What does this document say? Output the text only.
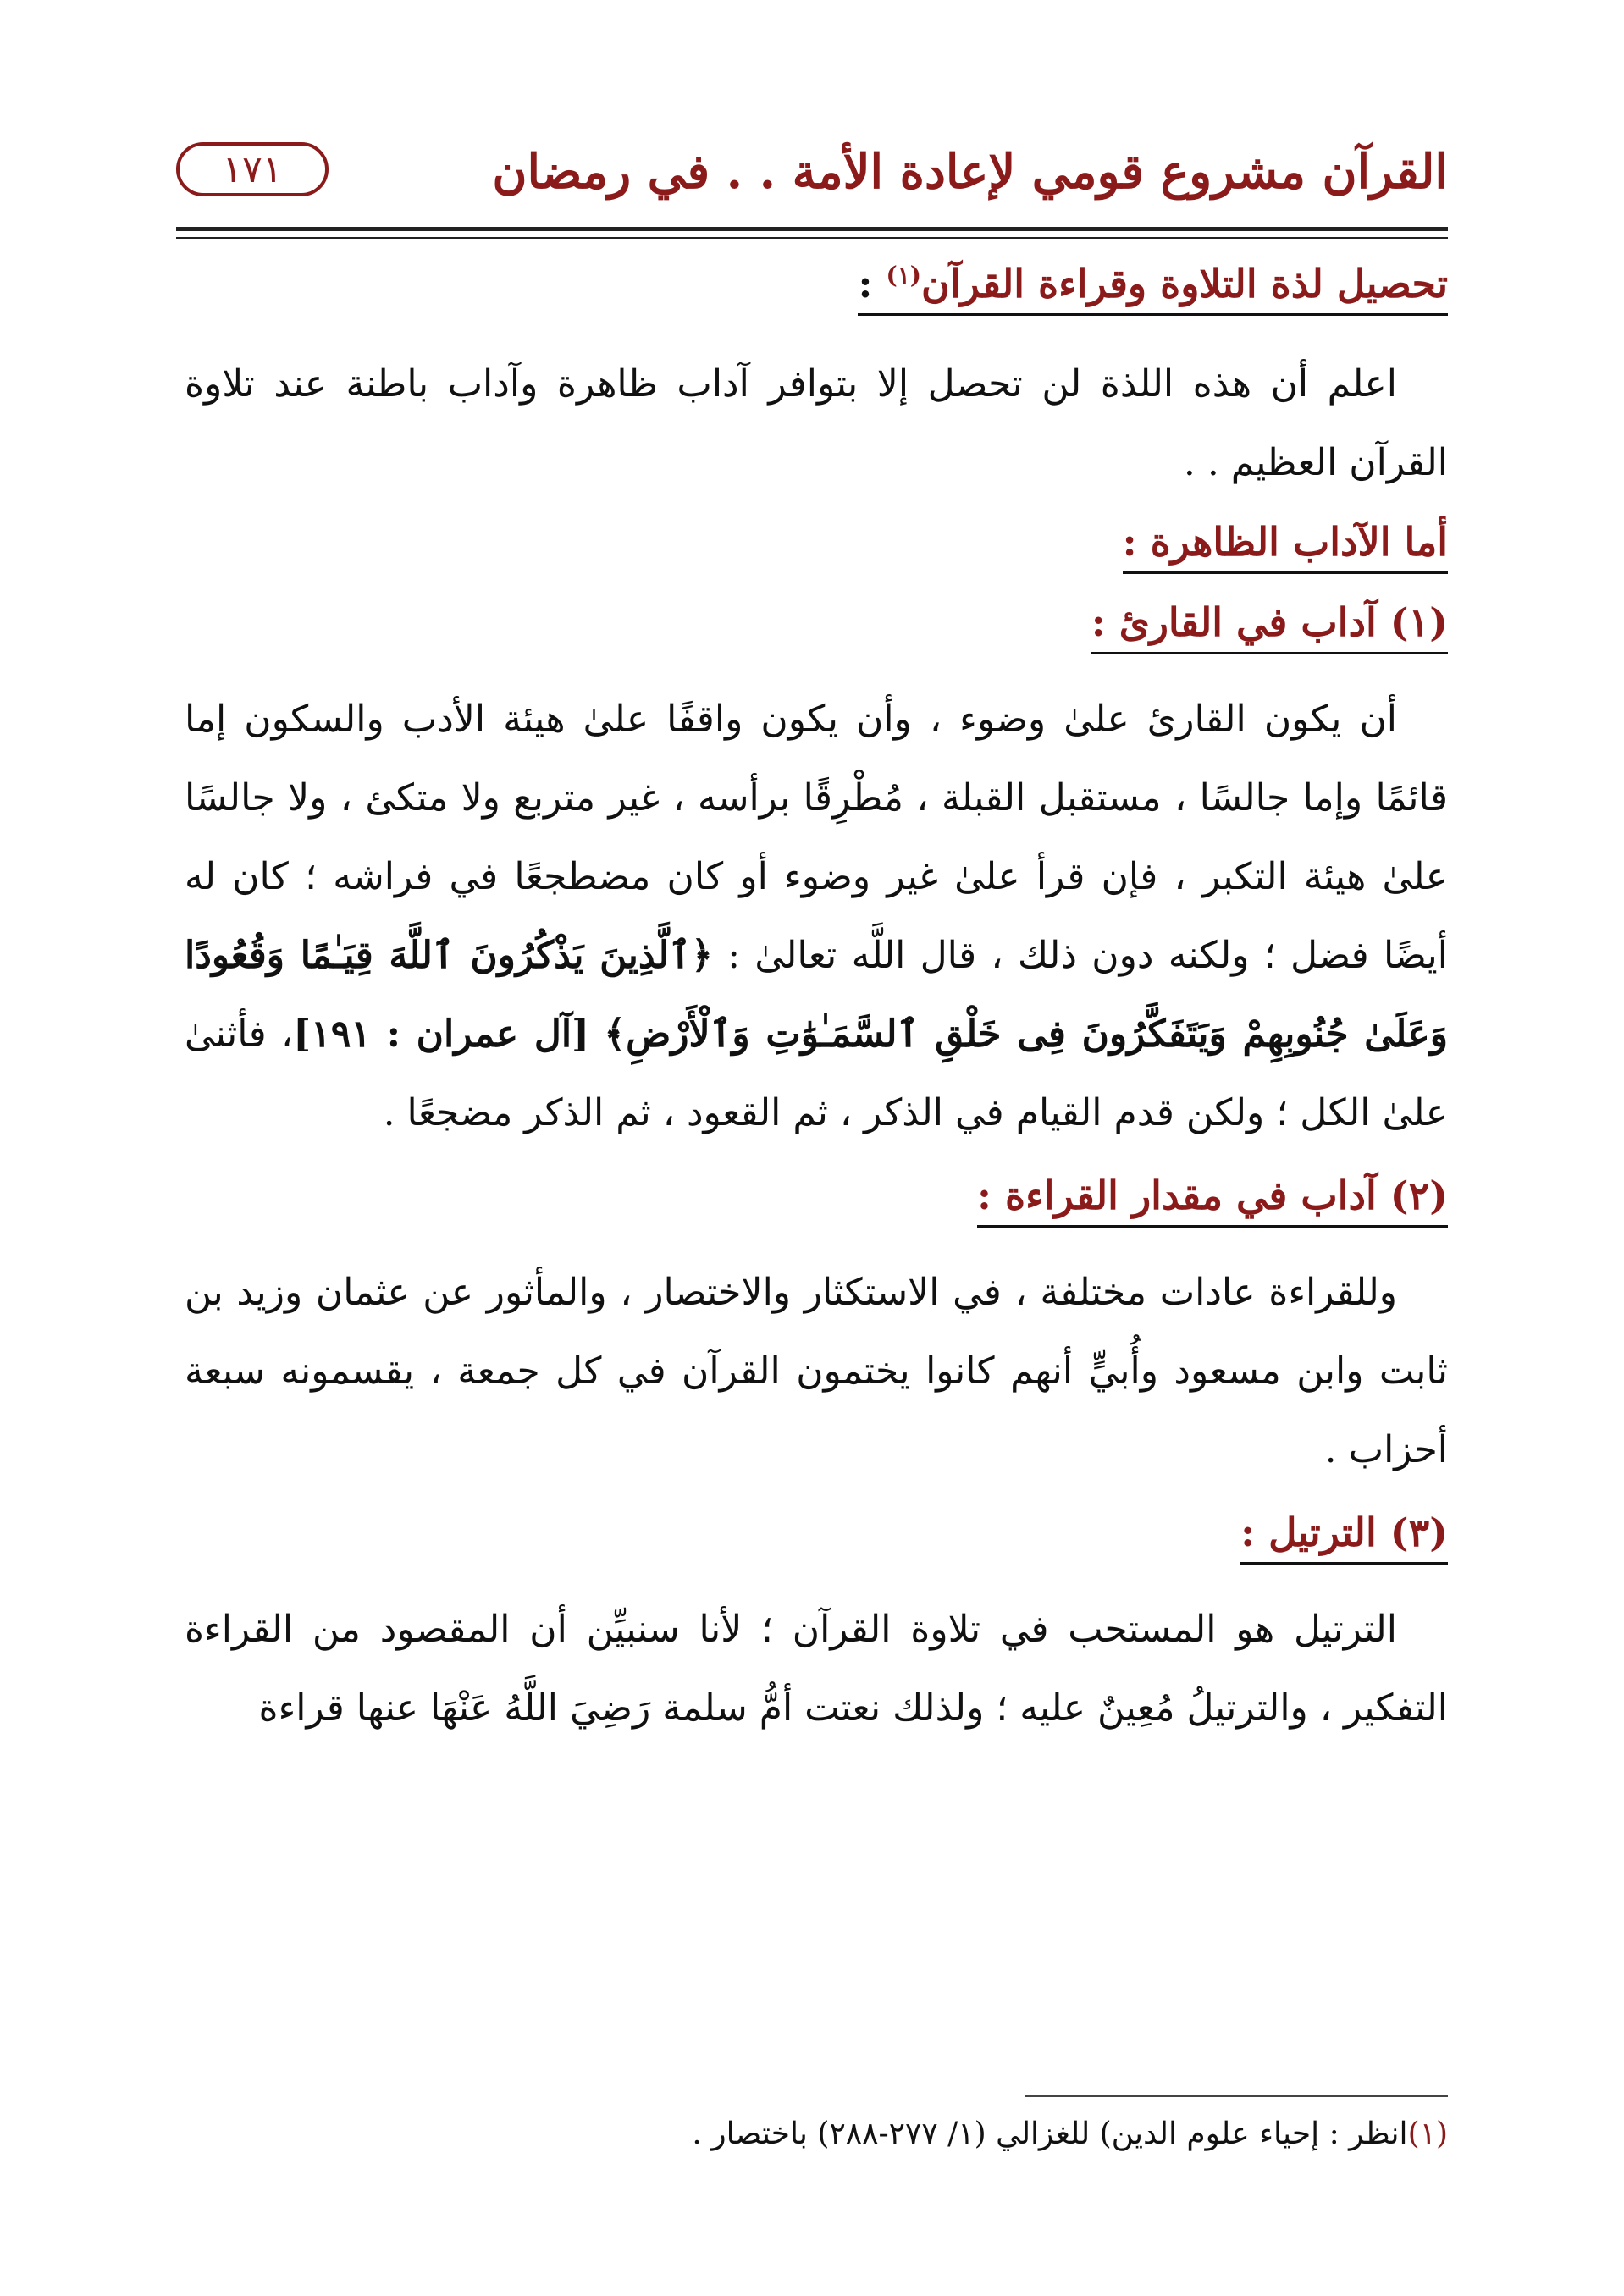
القرآن مشروع قومي لإعادة الأمة . . في رمضان
١٧١
تحصيل لذة التلاوة وقراءة القرآن$^{(١)}$ :

اعلم أن هذه اللذة لن تحصل إلا بتوافر آداب ظاهرة وآداب باطنة عند تلاوة القرآن العظيم . .

أما الآداب الظاهرة :
(١) آداب في القارئ :

أن يكون القارئ علىٰ وضوء ، وأن يكون واقفًا علىٰ هيئة الأدب والسكون إما قائمًا وإما جالسًا ، مستقبل القبلة ، مُطْرِقًا برأسه ، غير متربع ولا متكئ ، ولا جالسًا علىٰ هيئة التكبر ، فإن قرأ علىٰ غير وضوء أو كان مضطجعًا في فراشه ؛ كان له أيضًا فضل ؛ ولكنه دون ذلك ، قال اللَّه تعالىٰ : ﴿ٱلَّذِينَ يَذْكُرُونَ ٱللَّهَ قِيَـٰمًا وَقُعُودًا وَعَلَىٰ جُنُوبِهِمْ وَيَتَفَكَّرُونَ فِى خَلْقِ ٱلسَّمَـٰوَٰتِ وَٱلْأَرْضِ﴾ [آل عمران : ١٩١]، فأثنىٰ علىٰ الكل ؛ ولكن قدم القيام في الذكر ، ثم القعود ، ثم الذكر مضجعًا .

(٢) آداب في مقدار القراءة :

وللقراءة عادات مختلفة ، في الاستكثار والاختصار ، والمأثور عن عثمان وزيد بن ثابت وابن مسعود وأُبيٍّ أنهم كانوا يختمون القرآن في كل جمعة ، يقسمونه سبعة أحزاب .

(٣) الترتيل :

الترتيل هو المستحب في تلاوة القرآن ؛ لأنا سنبيِّن أن المقصود من القراءة التفكير ، والترتيلُ مُعِينٌ عليه ؛ ولذلك نعتت أمُّ سلمة رَضِيَ اللَّهُ عَنْهَا عنها قراءة

(١)انظر : إحياء علوم الدين) للغزالي (١/ ٢٧٧-٢٨٨) باختصار .
